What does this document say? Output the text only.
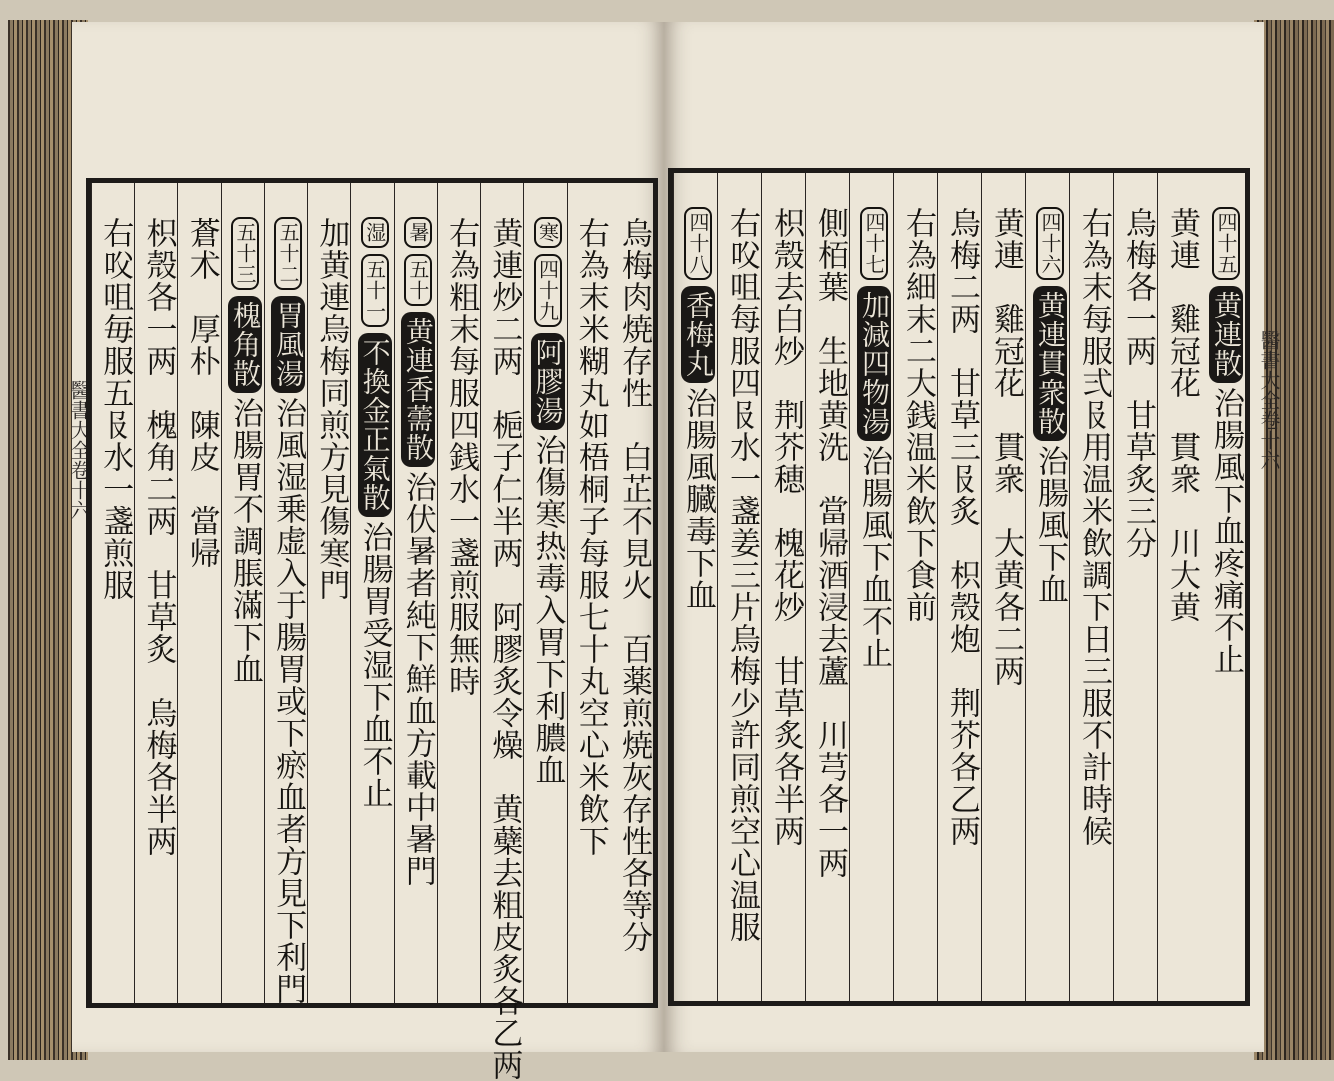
醫書大全卷十六
醫書大全卷十六
四十五黄連散治腸風下血疼痛不止
黄連　雞冠花　貫衆　川大黄
烏梅各一两　甘草炙三分
右為末每服弍𠬝用温米飲調下日三服不計時候
四十六黄連貫衆散治腸風下血
黄連　雞冠花　貫衆　大黄各二两
烏梅二两　甘草三𠬝炙　枳殼炮　荆芥各乙两
右為細末二大銭温米飲下食前
四十七加減四物湯治腸風下血不止
側栢葉　生地黄洗　當帰酒浸去蘆　川芎各一两
枳殼去白炒　荆芥穂　槐花炒　甘草炙各半两
右㕮咀每服四𠬝水一盞姜三片烏梅少許同煎空心温服
四十八香梅丸治腸風臓毒下血
烏梅肉焼存性　白芷不見火　百薬煎焼灰存性各等分
右為末米糊丸如梧桐子每服七十丸空心米飲下
寒四十九阿膠湯治傷寒热毒入胃下利膿血
黄連炒二两　梔子仁半两　阿膠炙令燥　黄蘗去粗皮炙各乙两
右為粗末每服四銭水一盞煎服無時
暑五十黄連香薷散治伏暑者純下鮮血方載中暑門
湿五十一不換金正氣散治腸胃受湿下血不止
加黄連烏梅同煎方見傷寒門
五十二胃風湯治風湿乗虚入于腸胃或下瘀血者方見下利門
五十三槐角散治腸胃不調脹滿下血
蒼术　厚朴　陳皮　當帰
枳殼各一两　槐角二两　甘草炙　烏梅各半两
右㕮咀毎服五𠬝水一盞煎服
